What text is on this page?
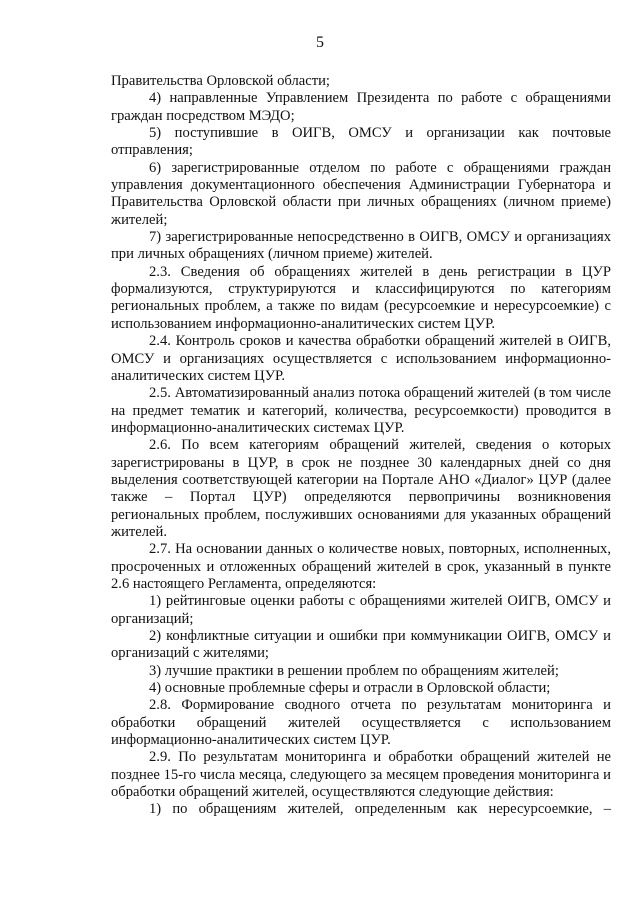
5

Правительства Орловской области;

4) направленные Управлением Президента по работе с обращениями граждан посредством МЭДО;

5) поступившие в ОИГВ, ОМСУ и организации как почтовые отправления;

6) зарегистрированные отделом по работе с обращениями граждан управления документационного обеспечения Администрации Губернатора и Правительства Орловской области при личных обращениях (личном приеме) жителей;

7) зарегистрированные непосредственно в ОИГВ, ОМСУ и организациях при личных обращениях (личном приеме) жителей.

2.3. Сведения об обращениях жителей в день регистрации в ЦУР формализуются, структурируются и классифицируются по категориям региональных проблем, а также по видам (ресурсоемкие и нересурсоемкие) с использованием информационно-аналитических систем ЦУР.

2.4. Контроль сроков и качества обработки обращений жителей в ОИГВ, ОМСУ и организациях осуществляется с использованием информационно-аналитических систем ЦУР.

2.5. Автоматизированный анализ потока обращений жителей (в том числе на предмет тематик и категорий, количества, ресурсоемкости) проводится в информационно-аналитических системах ЦУР.

2.6. По всем категориям обращений жителей, сведения о которых зарегистрированы в ЦУР, в срок не позднее 30 календарных дней со дня выделения соответствующей категории на Портале АНО «Диалог» ЦУР (далее также – Портал ЦУР) определяются первопричины возникновения региональных проблем, послуживших основаниями для указанных обращений жителей.

2.7. На основании данных о количестве новых, повторных, исполненных, просроченных и отложенных обращений жителей в срок, указанный в пункте 2.6 настоящего Регламента, определяются:

1) рейтинговые оценки работы с обращениями жителей ОИГВ, ОМСУ и организаций;

2) конфликтные ситуации и ошибки при коммуникации ОИГВ, ОМСУ и организаций с жителями;

3) лучшие практики в решении проблем по обращениям жителей;

4) основные проблемные сферы и отрасли в Орловской области;

2.8. Формирование сводного отчета по результатам мониторинга и обработки обращений жителей осуществляется с использованием информационно-аналитических систем ЦУР.

2.9. По результатам мониторинга и обработки обращений жителей не позднее 15-го числа месяца, следующего за месяцем проведения мониторинга и обработки обращений жителей, осуществляются следующие действия:

1) по обращениям жителей, определенным как нересурсоемкие, –
